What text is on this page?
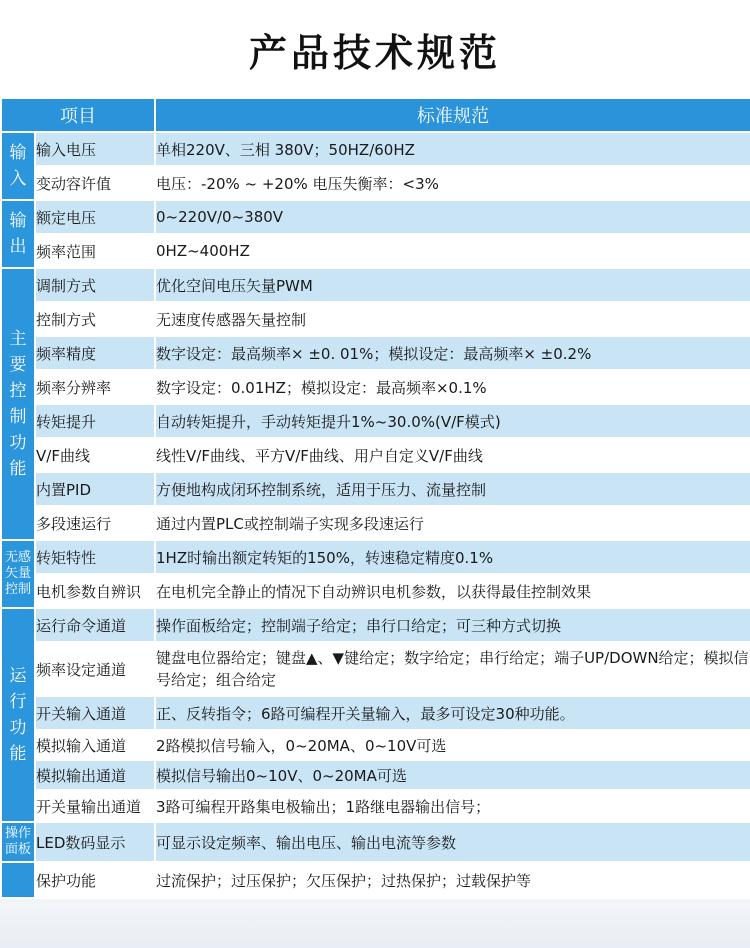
产品技术规范
项目		标准规范
输入	输入电压	单相220V、三相 380V；50HZ/60HZ
	变动容许值	电压：-20% ~ +20% 电压失衡率：<3%
输出	额定电压	0~220V/0~380V
	频率范围	0HZ~400HZ
主要控制功能	调制方式	优化空间电压矢量PWM
	控制方式	无速度传感器矢量控制
	频率精度	数字设定：最高频率× ±0. 01%；模拟设定：最高频率× ±0.2%
	频率分辨率	数字设定：0.01HZ；模拟设定：最高频率×0.1%
	转矩提升	自动转矩提升，手动转矩提升1%~30.0%(V/F模式)
	V/F曲线	线性V/F曲线、平方V/F曲线、用户自定义V/F曲线
	内置PID	方便地构成闭环控制系统，适用于压力、流量控制
	多段速运行	通过内置PLC或控制端子实现多段速运行
无感矢量控制	转矩特性	1HZ时输出额定转矩的150%，转速稳定精度0.1%
	电机参数自辨识	在电机完全静止的情况下自动辨识电机参数，以获得最佳控制效果
运行功能	运行命令通道	操作面板给定；控制端子给定；串行口给定；可三种方式切换
	频率设定通道	键盘电位器给定；键盘▲、▼键给定；数字给定；串行给定；端子UP/DOWN给定；模拟信号给定；组合给定
	开关输入通道	正、反转指令；6路可编程开关量输入，最多可设定30种功能。
	模拟输入通道	2路模拟信号输入，0~20MA、0~10V可选
	模拟输出通道	模拟信号输出0~10V、0~20MA可选
	开关量输出通道	3路可编程开路集电极输出；1路继电器输出信号；
操作面板	LED数码显示	可显示设定频率、输出电压、输出电流等参数
	保护功能	过流保护；过压保护；欠压保护；过热保护；过载保护等
